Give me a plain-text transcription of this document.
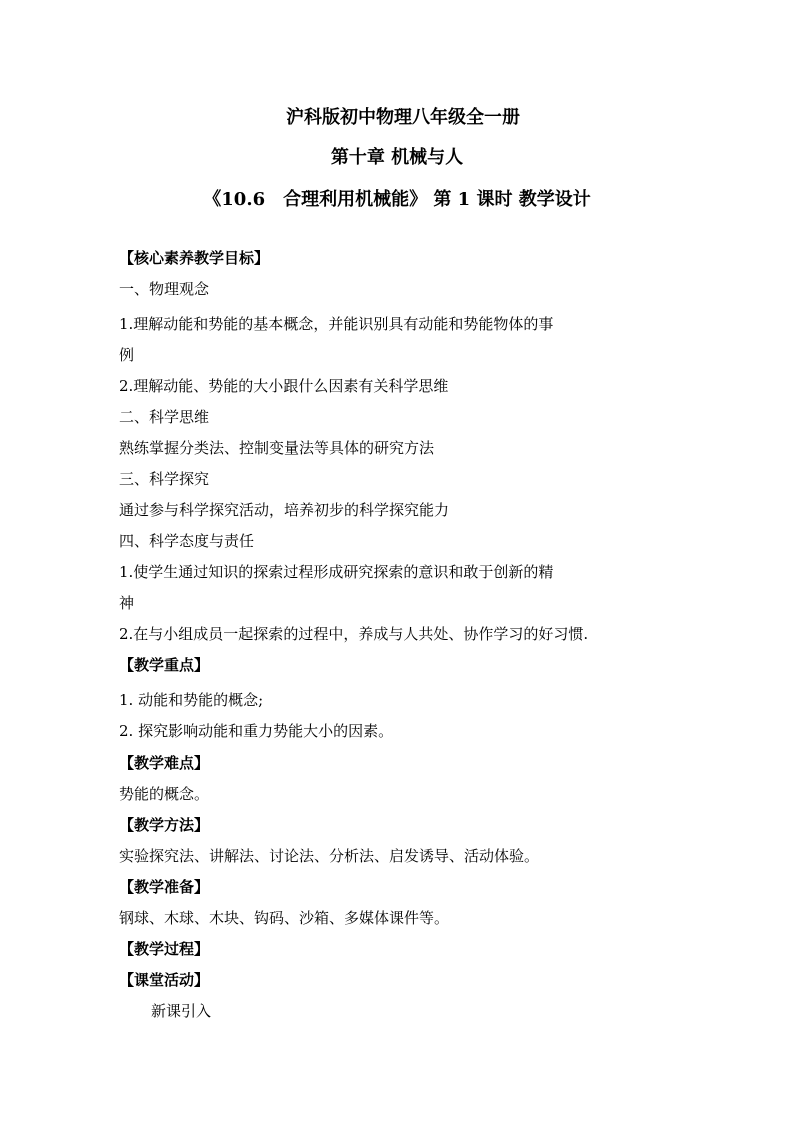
沪科版初中物理八年级全一册
第十章 机械与人
《10.6　合理利用机械能》 第 1 课时 教学设计
【核心素养教学目标】
一、物理观念
1.理解动能和势能的基本概念，并能识别具有动能和势能物体的事
例
2.理解动能、势能的大小跟什么因素有关科学思维
二、科学思维
熟练掌握分类法、控制变量法等具体的研究方法
三、科学探究
通过参与科学探究活动，培养初步的科学探究能力
四、科学态度与责任
1.使学生通过知识的探索过程形成研究探索的意识和敢于创新的精
神
2.在与小组成员一起探索的过程中，养成与人共处、协作学习的好习惯.
【教学重点】
1. 动能和势能的概念;
2. 探究影响动能和重力势能大小的因素。
【教学难点】
势能的概念。
【教学方法】
实验探究法、讲解法、讨论法、分析法、启发诱导、活动体验。
【教学准备】
钢球、木球、木块、钩码、沙箱、多媒体课件等。
【教学过程】
【课堂活动】
新课引入
